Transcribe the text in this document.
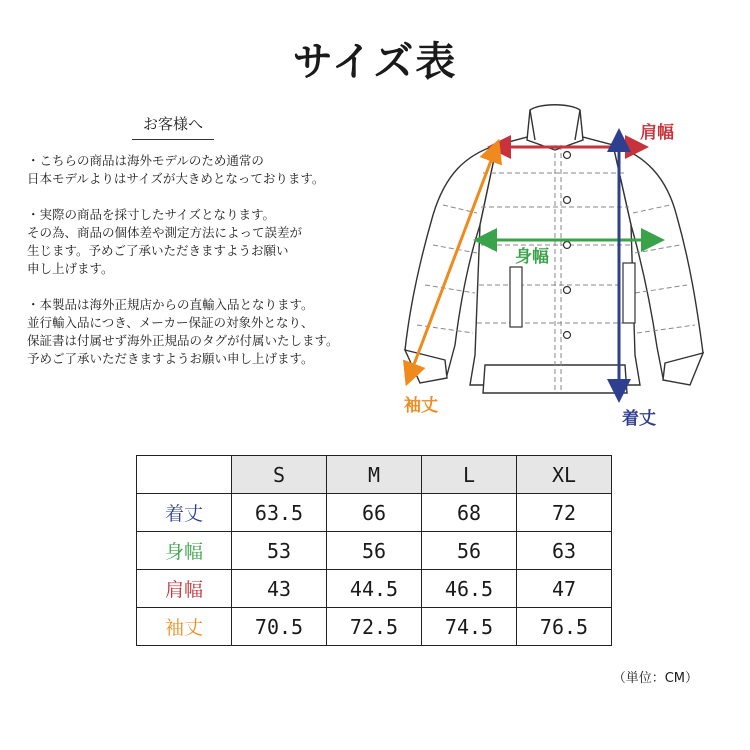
サイズ表
お客様へ

・こちらの商品は海外モデルのため通常の
日本モデルよりはサイズが大きめとなっております。

・実際の商品を採寸したサイズとなります。
その為、商品の個体差や測定方法によって誤差が
生じます。予めご了承いただきますようお願い
申し上げます。

・本製品は海外正規店からの直輸入品となります。
並行輸入品につき、メーカー保証の対象外となり、
保証書は付属せず海外正規品のタグが付属いたします。
予めご了承いただきますようお願い申し上げます。

肩幅
身幅
着丈
袖丈
	S	M	L	XL
着丈	63.5	66	68	72
身幅	53	56	56	63
肩幅	43	44.5	46.5	47
袖丈	70.5	72.5	74.5	76.5
（単位：CM）
